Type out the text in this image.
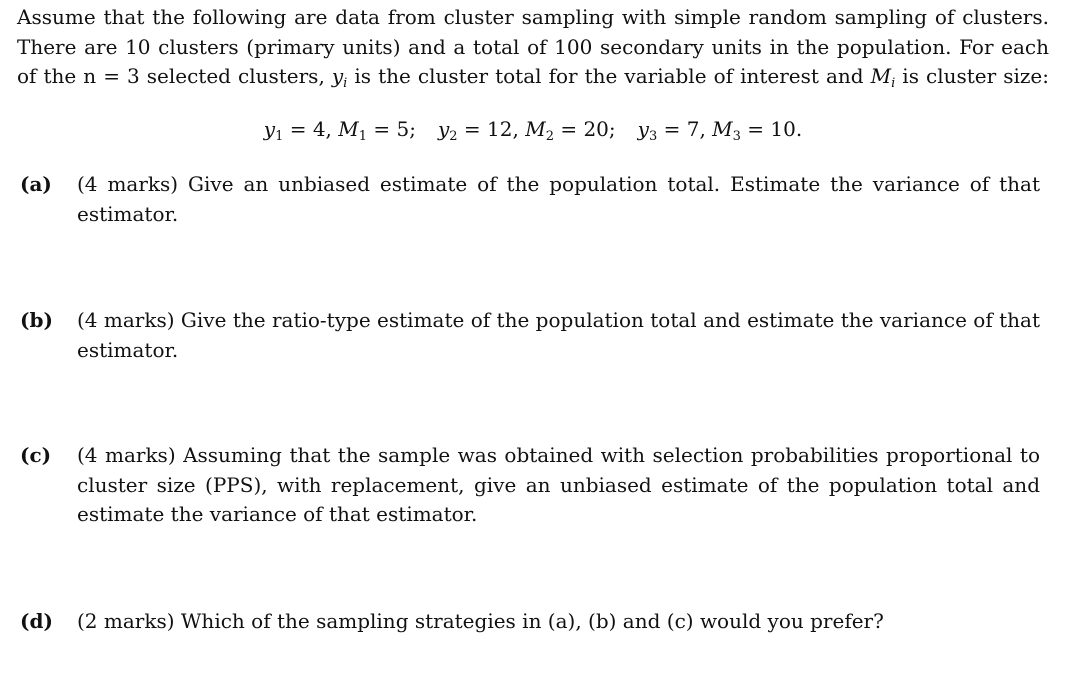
Assume that the following are data from cluster sampling with simple random sampling of clusters.
There are 10 clusters (primary units) and a total of 100 secondary units in the population. For each
of the n = 3 selected clusters, $y_i$ is the cluster total for the variable of interest and $M_i$ is cluster size:

$y_1 = 4$, $M_1 = 5$; $y_2 = 12$, $M_2 = 20$; $y_3 = 7$, $M_3 = 10$.
(a) (4 marks) Give an unbiased estimate of the population total. Estimate the variance of that estimator.
(b) (4 marks) Give the ratio-type estimate of the population total and estimate the variance of that estimator.
(c) (4 marks) Assuming that the sample was obtained with selection probabilities proportional to cluster size (PPS), with replacement, give an unbiased estimate of the population total and estimate the variance of that estimator.
(d) (2 marks) Which of the sampling strategies in (a), (b) and (c) would you prefer?
